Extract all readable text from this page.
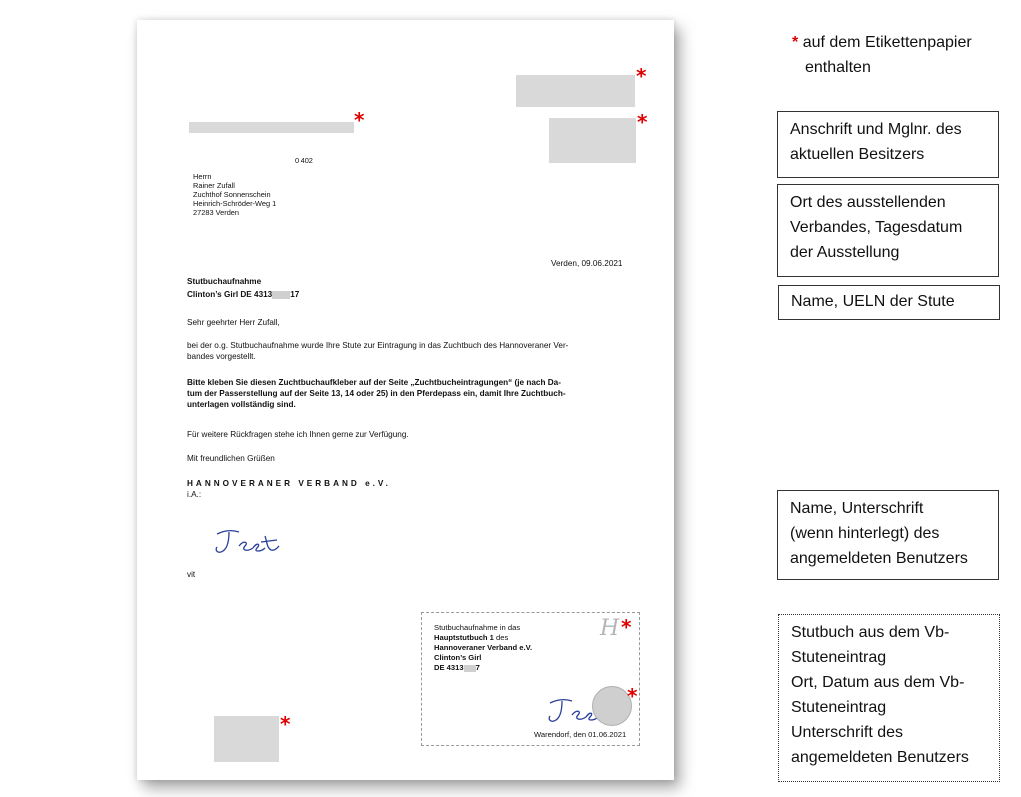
*
*	*
0 402
Herrn
Rainer Zufall
Zuchthof Sonnenschein
Heinrich-Schröder-Weg 1
27283 Verden
Verden, 09.06.2021
Stutbuchaufnahme
Clinton’s Girl DE 4313 17
Sehr geehrter Herr Zufall,
bei der o.g. Stutbuchaufnahme wurde Ihre Stute zur Eintragung in das Zuchtbuch des Hannoveraner Ver-
bandes vorgestellt.
Bitte kleben Sie diesen Zuchtbuchaufkleber auf der Seite „Zuchtbucheintragungen“ (je nach Da-
tum der Passerstellung auf der Seite 13, 14 oder 25) in den Pferdepass ein, damit Ihre Zuchtbuch-
unterlagen vollständig sind.
Für weitere Rückfragen stehe ich Ihnen gerne zur Verfügung.
Mit freundlichen Grüßen
HANNOVERANER VERBAND e.V.
i.A.:
vit
*
Stutbuchaufnahme in das
Hauptstutbuch 1 des
Hannoveraner Verband e.V.
Clinton’s Girl
DE 4313 7
H *
*
Warendorf, den 01.06.2021
* auf dem Etikettenpapier
enthalten
Anschrift und Mglnr. des
aktuellen Besitzers
Ort des ausstellenden
Verbandes, Tagesdatum
der Ausstellung
Name, UELN der Stute
Name, Unterschrift
(wenn hinterlegt) des
angemeldeten Benutzers
Stutbuch aus dem Vb-
Stuteneintrag
Ort, Datum aus dem Vb-
Stuteneintrag
Unterschrift des
angemeldeten Benutzers
